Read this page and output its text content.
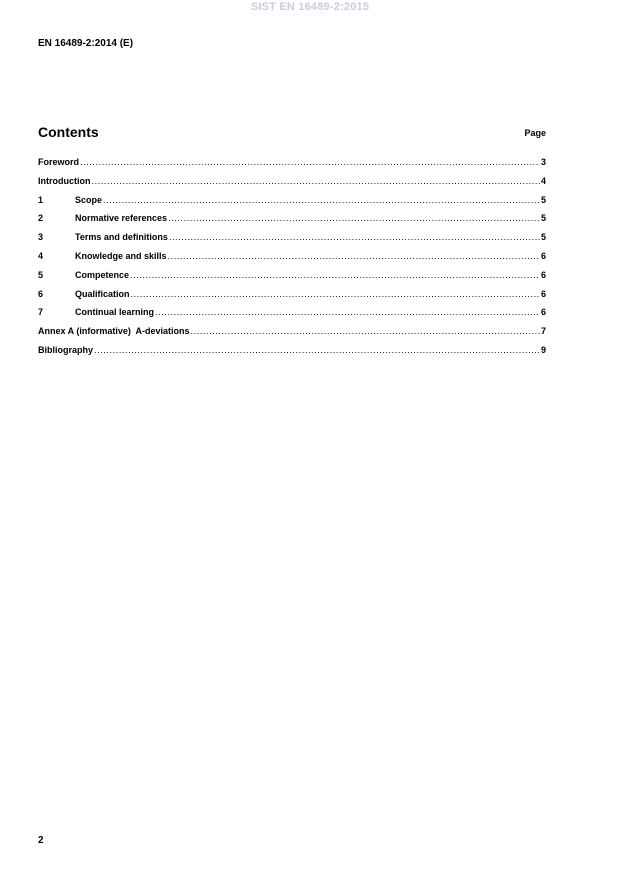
SIST EN 16489-2:2015
EN 16489-2:2014 (E)
Contents	Page
Foreword .....	3
Introduction .....	4
1	Scope .....	5
2	Normative references .....	5
3	Terms and definitions .....	5
4	Knowledge and skills .....	6
5	Competence .....	6
6	Qualification .....	6
7	Continual learning .....	6
Annex A (informative)  A-deviations .....	7
Bibliography .....	9
2
